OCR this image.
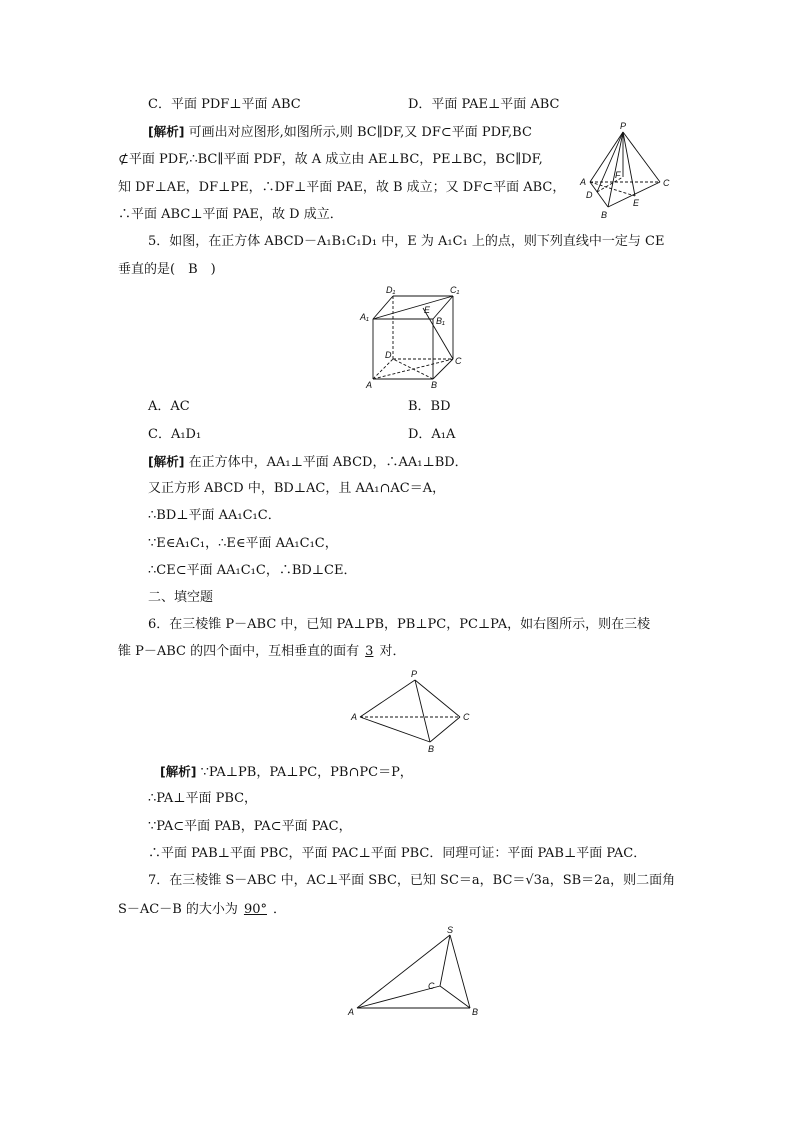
C．平面 PDF⊥平面 ABC	D．平面 PAE⊥平面 ABC
[解析] 可画出对应图形,如图所示,则 BC∥DF,又 DF⊂平面 PDF,BC
⊄平面 PDF,∴BC∥平面 PDF，故 A 成立由 AE⊥BC，PE⊥BC，BC∥DF,
知 DF⊥AE，DF⊥PE，∴DF⊥平面 PAE，故 B 成立；又 DF⊂平面 ABC，
∴平面 ABC⊥平面 PAE，故 D 成立．
P
A
B
C
D
E
F
5．如图，在正方体 ABCD－A₁B₁C₁D₁ 中，E 为 A₁C₁ 上的点，则下列直线中一定与 CE
垂直的是(　B　)
D₁	C₁
A₁	B₁
E
D
C
A	B
A．AC	B．BD
C．A₁D₁	D．A₁A
[解析] 在正方体中，AA₁⊥平面 ABCD，∴AA₁⊥BD．
又正方形 ABCD 中，BD⊥AC，且 AA₁∩AC＝A，
∴BD⊥平面 AA₁C₁C．
∵E∈A₁C₁，∴E∈平面 AA₁C₁C，
∴CE⊂平面 AA₁C₁C，∴BD⊥CE．
二、填空题
6．在三棱锥 P－ABC 中，已知 PA⊥PB，PB⊥PC，PC⊥PA，如右图所示，则在三棱
锥 P－ABC 的四个面中，互相垂直的面有 3 对．
P
A
B
C
[解析] ∵PA⊥PB，PA⊥PC，PB∩PC＝P，
∴PA⊥平面 PBC，
∵PA⊂平面 PAB，PA⊂平面 PAC，
∴平面 PAB⊥平面 PBC，平面 PAC⊥平面 PBC．同理可证：平面 PAB⊥平面 PAC．
7．在三棱锥 S－ABC 中，AC⊥平面 SBC，已知 SC＝a，BC＝√3a，SB＝2a，则二面角
S－AC－B 的大小为 90° ．
S
C
A	B
